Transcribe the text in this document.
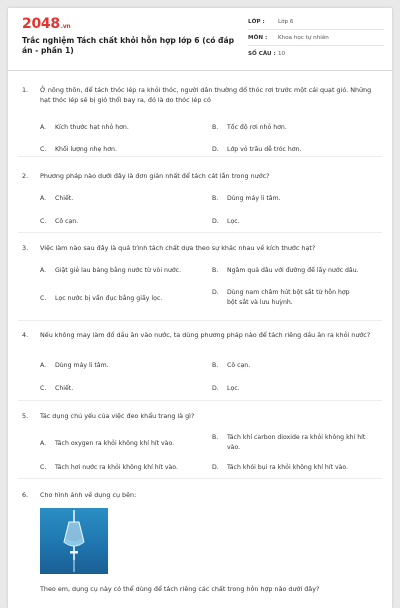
2048.vn
Trắc nghiệm Tách chất khỏi hỗn hợp lớp 6 (có đáp án - phần 1)
LỚP :	Lớp 6
MÔN :	Khoa học tự nhiên
SỐ CÂU : 10
1. Ở nông thôn, để tách thóc lép ra khỏi thóc, người dân thường đổ thóc rơi trước một cái quạt gió. Những hạt thóc lép sẽ bị gió thổi bay ra, đó là do thóc lép có
A.	Kích thước hạt nhỏ hơn.	B.	Tốc độ rơi nhỏ hơn.
C.	Khối lượng nhẹ hơn.	D.	Lớp vỏ trấu dễ tróc hơn.
2. Phương pháp nào dưới đây là đơn giản nhất để tách cát lẫn trong nước?
A.	Chiết.	B.	Dùng máy li tâm.
C.	Cô cạn.	D.	Lọc.
3. Việc làm nào sau đây là quá trình tách chất dựa theo sự khác nhau về kích thước hạt?
A.	Giặt giẻ lau bảng bằng nước từ vòi nước.	B.	Ngâm quả dâu với đường để lấy nước dâu.
C.	Lọc nước bị vẩn đục bằng giấy lọc.
D.	Dùng nam châm hút bột sắt từ hỗn hợp bột sắt và lưu huỳnh.
4. Nếu không may làm đổ dầu ăn vào nước, ta dùng phương pháp nào để tách riêng dầu ăn ra khỏi nước?
A.	Dùng máy li tâm.	B.	Cô cạn.
C.	Chiết.	D.	Lọc.
5. Tác dụng chủ yếu của việc đeo khẩu trang là gì?
A.	Tách oxygen ra khỏi không khí hít vào.
B.	Tách khí carbon dioxide ra khỏi không khí hít vào.
C.	Tách hơi nước ra khỏi không khí hít vào.	D.	Tách khói bụi ra khỏi không khí hít vào.
6. Cho hình ảnh về dụng cụ bên:
Theo em, dụng cụ này có thể dùng để tách riêng các chất trong hỗn hợp nào dưới đây?
